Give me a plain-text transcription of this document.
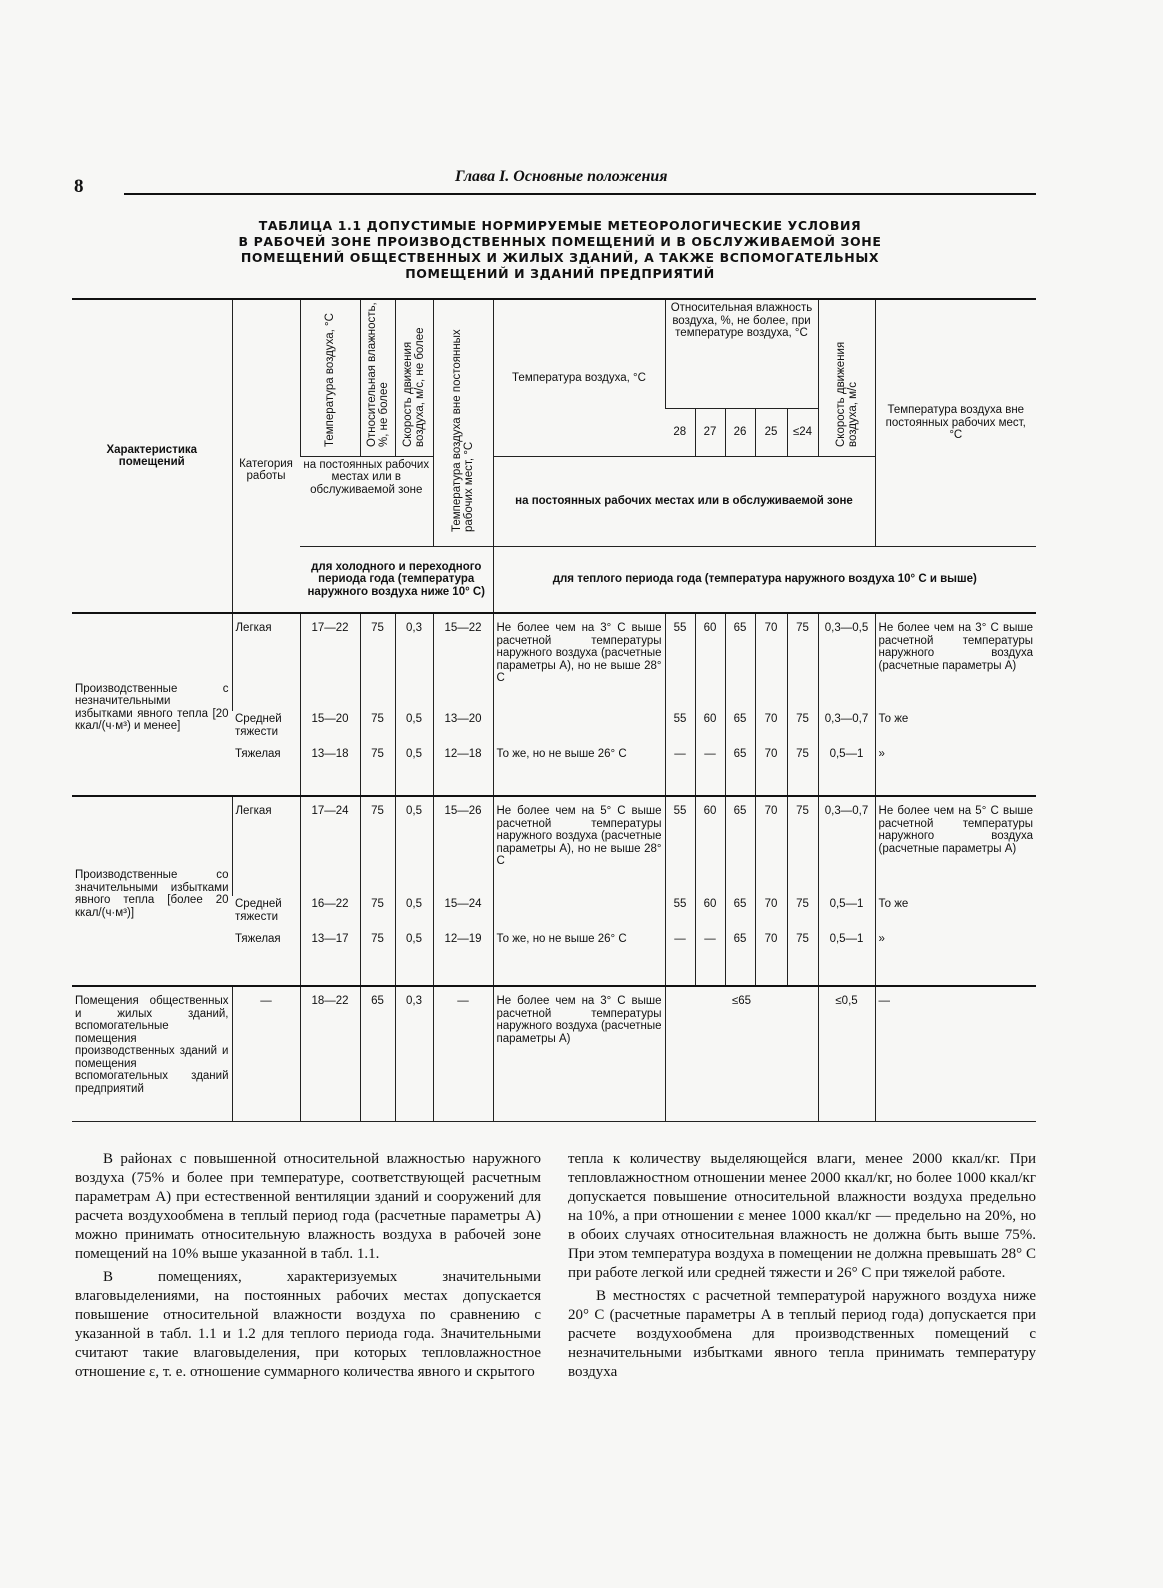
8	Глава I. Основные положения
ТАБЛИЦА 1.1 ДОПУСТИМЫЕ НОРМИРУЕМЫЕ МЕТЕОРОЛОГИЧЕСКИЕ УСЛОВИЯ
В РАБОЧЕЙ ЗОНЕ ПРОИЗВОДСТВЕННЫХ ПОМЕЩЕНИЙ И В ОБСЛУЖИВАЕМОЙ ЗОНЕ
ПОМЕЩЕНИЙ ОБЩЕСТВЕННЫХ И ЖИЛЫХ ЗДАНИЙ, А ТАКЖЕ ВСПОМОГАТЕЛЬНЫХ
ПОМЕЩЕНИЙ И ЗДАНИЙ ПРЕДПРИЯТИЙ
Характеристика помещений	Категория работы	Температура воздуха, °С	Относительная влажность, %, не более	Скорость движения воздуха, м/с, не более	Температура воздуха вне постоянных рабочих мест, °С	Температура воздуха, °С	Относительная влажность воздуха, %, не более, при температуре воздуха, °С					Скорость движения воздуха, м/с	Температура воздуха вне постоянных рабочих мест, °С
							28	27	26	25	≤24		
		на постоянных рабочих местах или в обслуживаемой зоне				на постоянных рабочих местах или в обслуживаемой зоне							
		для холодного и переходного периода года (температура наружного воздуха ниже 10° С)				для теплого периода года (температура наружного воздуха 10° С и выше)							
Производственные с незначительными избытками явного тепла [20 ккал/(ч·м³) и менее]	Легкая	17—22	75	0,3	15—22	Не более чем на 3° С выше расчетной температуры наружного воздуха (расчетные параметры А), но не выше 28° С	55	60	65	70	75	0,3—0,5	Не более чем на 3° С выше расчетной температуры наружного воздуха (расчетные параметры А)
	Средней тяжести	15—20	75	0,5	13—20		55	60	65	70	75	0,3—0,7	То же
	Тяжелая	13—18	75	0,5	12—18	То же, но не выше 26° С	—	—	65	70	75	0,5—1	»
Производственные со значительными избытками явного тепла [более 20 ккал/(ч·м³)]	Легкая	17—24	75	0,5	15—26	Не более чем на 5° С выше расчетной температуры наружного воздуха (расчетные параметры А), но не выше 28° С	55	60	65	70	75	0,3—0,7	Не более чем на 5° С выше расчетной температуры наружного воздуха (расчетные параметры А)
	Средней тяжести	16—22	75	0,5	15—24		55	60	65	70	75	0,5—1	То же
	Тяжелая	13—17	75	0,5	12—19	То же, но не выше 26° С	—	—	65	70	75	0,5—1	»
Помещения общественных и жилых зданий, вспомогательные помещения производственных зданий и помещения вспомогательных зданий предприятий	—	18—22	65	0,3	—	Не более чем на 3° С выше расчетной температуры наружного воздуха (расчетные параметры А)	≤65					≤0,5	—

В районах с повышенной относительной влажностью наружного воздуха (75% и более при температуре, соответствующей расчетным параметрам А) при естественной вентиляции зданий и сооружений для расчета воздухообмена в теплый период года (расчетные параметры А) можно принимать относительную влажность воздуха в рабочей зоне помещений на 10% выше указанной в табл. 1.1.

В помещениях, характеризуемых значительными влаговыделениями, на постоянных рабочих местах допускается повышение относительной влажности воздуха по сравнению с указанной в табл. 1.1 и 1.2 для теплого периода года. Значительными считают такие влаговыделения, при которых тепловлажностное отношение ε, т. е. отношение суммарного количества явного и скрытого

тепла к количеству выделяющейся влаги, менее 2000 ккал/кг. При тепловлажностном отношении менее 2000 ккал/кг, но более 1000 ккал/кг допускается повышение относительной влажности воздуха предельно на 10%, а при отношении ε менее 1000 ккал/кг — предельно на 20%, но в обоих случаях относительная влажность не должна быть выше 75%. При этом температура воздуха в помещении не должна превышать 28° С при работе легкой или средней тяжести и 26° С при тяжелой работе.

В местностях с расчетной температурой наружного воздуха ниже 20° С (расчетные параметры А в теплый период года) допускается при расчете воздухообмена для производственных помещений с незначительными избытками явного тепла принимать температуру воздуха
